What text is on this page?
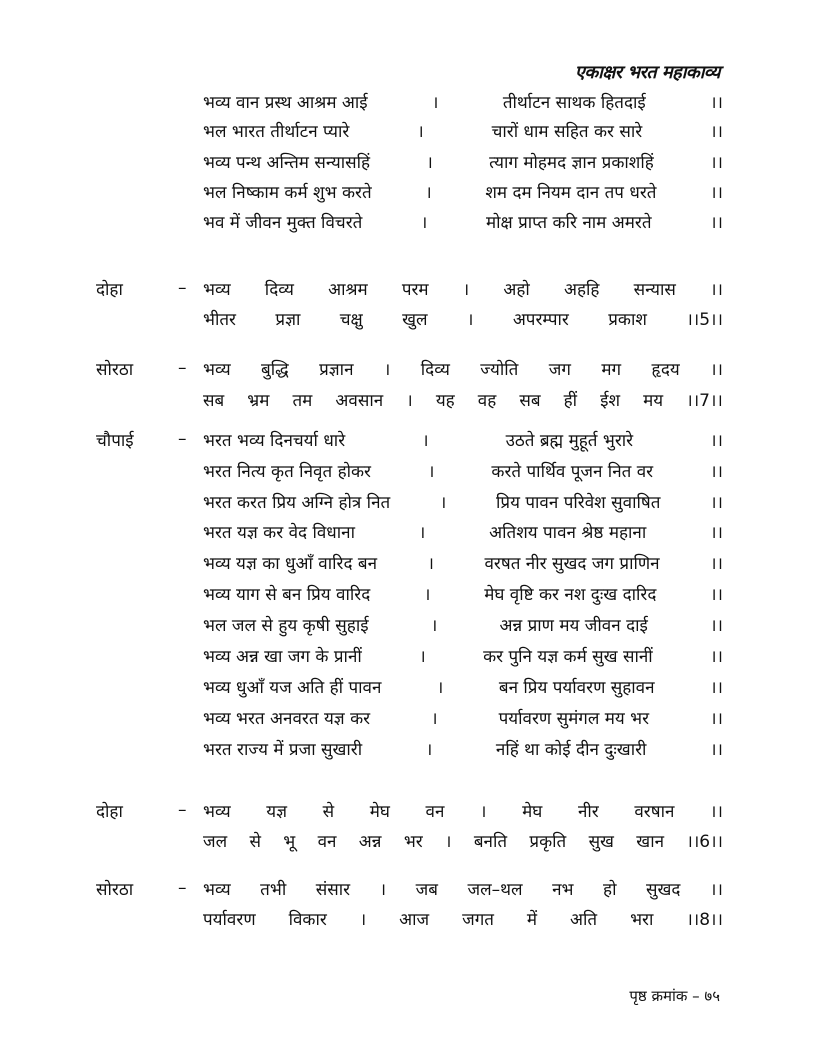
एकाक्षर भरत महाकाव्य
भव्य वान प्रस्थ आश्रम आई	।	तीर्थाटन साथक हितदाई	।।
भल भारत तीर्थाटन प्यारे	।	चारों धाम सहित कर सारे	।।
भव्य पन्थ अन्तिम सन्यासहिं	।	त्याग मोहमद ज्ञान प्रकाशहिं	।।
भल निष्काम कर्म शुभ करते	।	शम दम नियम दान तप धरते	।।
भव में जीवन मुक्त विचरते	।	मोक्ष प्राप्त करि नाम अमरते	।।
दोहा	– भव्य दिव्य आश्रम परम । अहो अहहि सन्यास ।।
भीतर प्रज्ञा चक्षु खुल । अपरम्पार प्रकाश ।।5।।
सोरठा	– भव्य बुद्धि प्रज्ञान । दिव्य ज्योति जग मग हृदय ।।
सब भ्रम तम अवसान । यह वह सब हीं ईश मय ।।7।।
चौपाई	– भरत भव्य दिनचर्या धारे	।	उठते ब्रह्म मुहूर्त भुरारे	।।
भरत नित्य कृत निवृत होकर	।	करते पार्थिव पूजन नित वर	।।
भरत करत प्रिय अग्नि होत्र नित	।	प्रिय पावन परिवेश सुवाषित	।।
भरत यज्ञ कर वेद विधाना	।	अतिशय पावन श्रेष्ठ महाना	।।
भव्य यज्ञ का धुआँ वारिद बन	।	वरषत नीर सुखद जग प्राणिन	।।
भव्य याग से बन प्रिय वारिद	।	मेघ वृष्टि कर नश दुःख दारिद	।।
भल जल से हुय कृषी सुहाई	।	अन्न प्राण मय जीवन दाई	।।
भव्य अन्न खा जग के प्रानीं	।	कर पुनि यज्ञ कर्म सुख सानीं	।।
भव्य धुआँ यज अति हीं पावन	।	बन प्रिय पर्यावरण सुहावन	।।
भव्य भरत अनवरत यज्ञ कर	।	पर्यावरण सुमंगल मय भर	।।
भरत राज्य में प्रजा सुखारी	।	नहिं था कोई दीन दुःखारी	।।
दोहा	– भव्य यज्ञ से मेघ वन । मेघ नीर वरषान ।।
जल से भू वन अन्न भर । बनति प्रकृति सुख खान ।।6।।
सोरठा	– भव्य तभी संसार । जब जल–थल नभ हो सुखद ।।
पर्यावरण विकार । आज जगत में अति भरा ।।8।।
पृष्ठ क्रमांक – ७५
